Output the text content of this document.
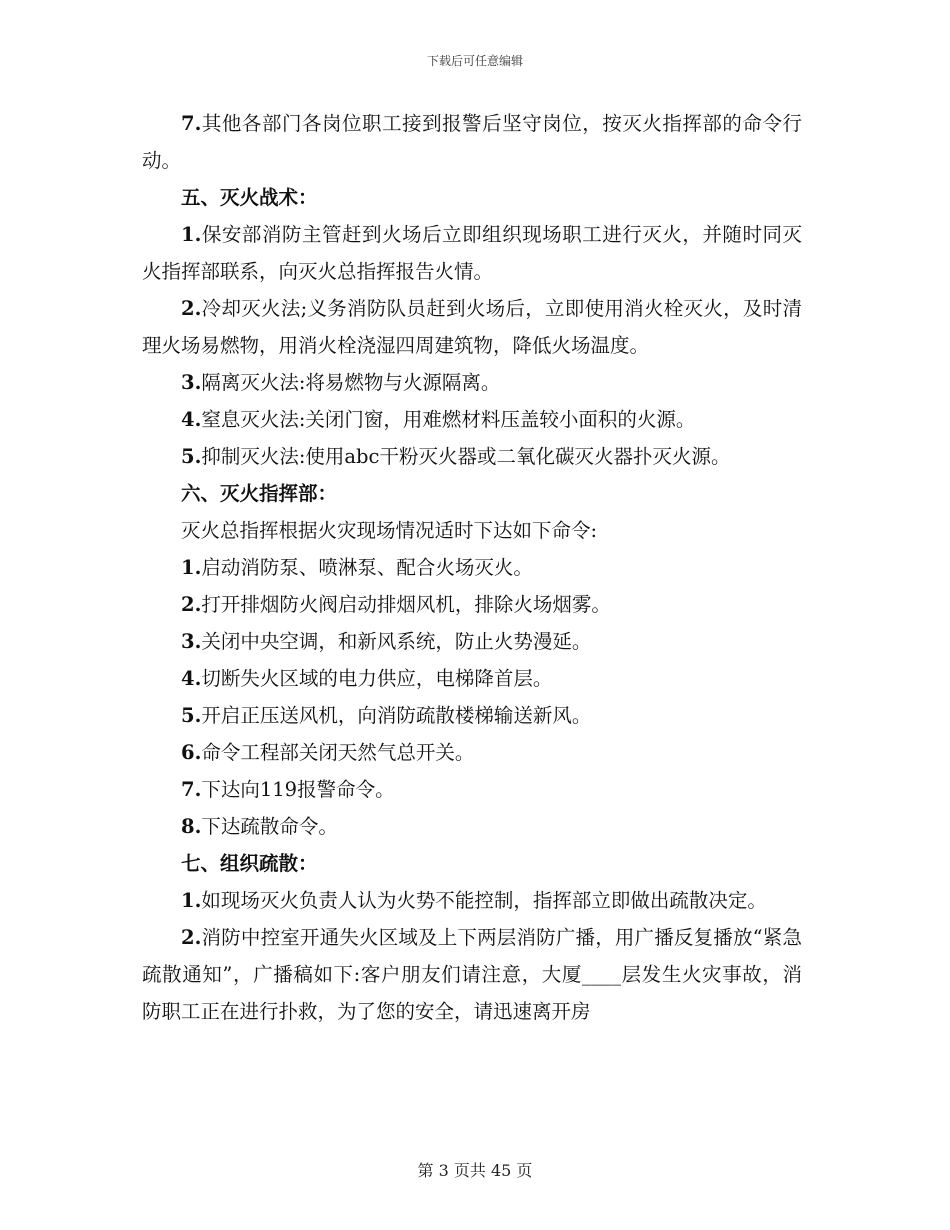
下载后可任意编辑

7.其他各部门各岗位职工接到报警后坚守岗位，按灭火指挥部的命令行动。

五、灭火战术：

1.保安部消防主管赶到火场后立即组织现场职工进行灭火，并随时同灭火指挥部联系，向灭火总指挥报告火情。

2.冷却灭火法;义务消防队员赶到火场后，立即使用消火栓灭火，及时清理火场易燃物，用消火栓浇湿四周建筑物，降低火场温度。

3.隔离灭火法:将易燃物与火源隔离。

4.窒息灭火法:关闭门窗，用难燃材料压盖较小面积的火源。

5.抑制灭火法:使用abc干粉灭火器或二氧化碳灭火器扑灭火源。

六、灭火指挥部：

灭火总指挥根据火灾现场情况适时下达如下命令:

1.启动消防泵、喷淋泵、配合火场灭火。

2.打开排烟防火阀启动排烟风机，排除火场烟雾。

3.关闭中央空调，和新风系统，防止火势漫延。

4.切断失火区域的电力供应，电梯降首层。

5.开启正压送风机，向消防疏散楼梯输送新风。

6.命令工程部关闭天然气总开关。

7.下达向119报警命令。

8.下达疏散命令。

七、组织疏散：

1.如现场灭火负责人认为火势不能控制，指挥部立即做出疏散决定。

2.消防中控室开通失火区域及上下两层消防广播，用广播反复播放“紧急疏散通知”，广播稿如下:客户朋友们请注意，大厦____层发生火灾事故，消防职工正在进行扑救，为了您的安全，请迅速离开房

第 3 页共 45 页
